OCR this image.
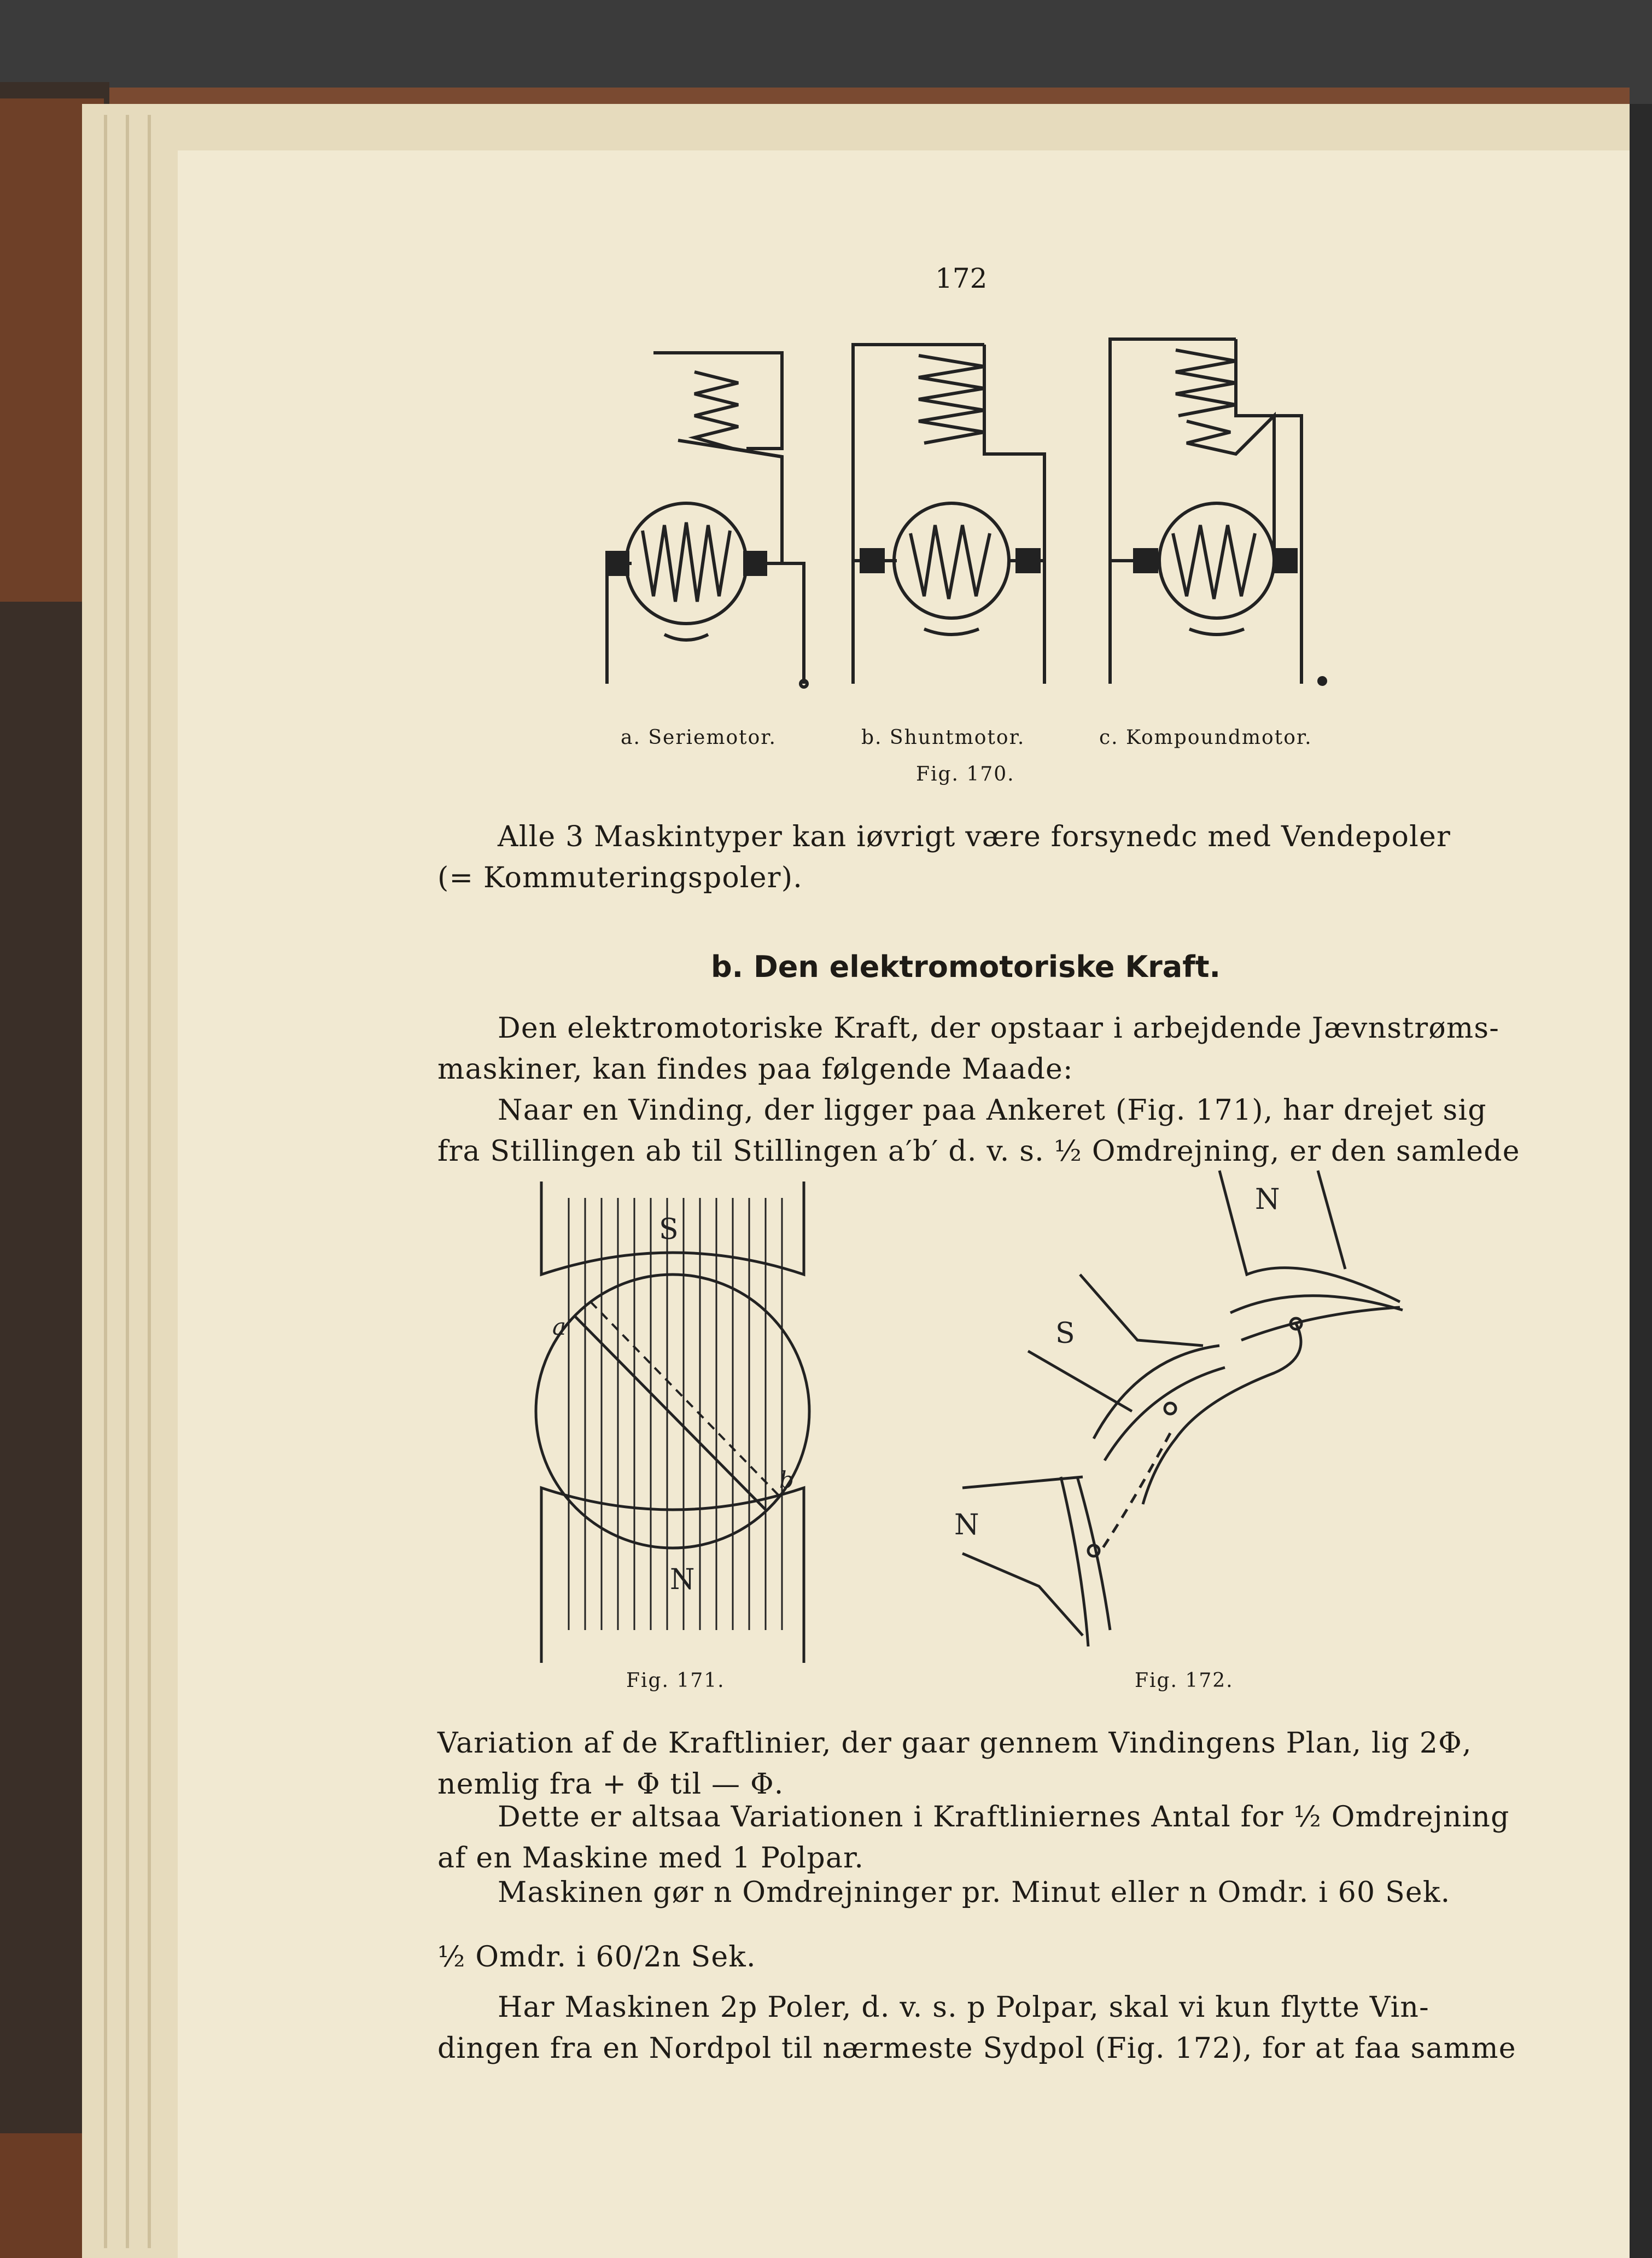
172
a. Seriemotor.	b. Shuntmotor.	c. Kompoundmotor.
Fig. 170.
Alle 3 Maskintyper kan iøvrigt være forsynedc med Vendepoler
(= Kommuteringspoler).
b. Den elektromotoriske Kraft.
Den elektromotoriske Kraft, der opstaar i arbejdende Jævnstrøms-
maskiner, kan findes paa følgende Maade:
Naar en Vinding, der ligger paa Ankeret (Fig. 171), har drejet sig
fra Stillingen ab til Stillingen a′b′ d. v. s. ½ Omdrejning, er den samlede
S
N
a
b
Fig. 171.
N
S
N
Fig. 172.
Variation af de Kraftlinier, der gaar gennem Vindingens Plan, lig 2Φ,
nemlig fra + Φ til — Φ.
Dette er altsaa Variationen i Kraftliniernes Antal for ½ Omdrejning
af en Maskine med 1 Polpar.
Maskinen gør n Omdrejninger pr. Minut eller n Omdr. i 60 Sek.
½ Omdr. i 60/2n Sek.
Har Maskinen 2p Poler, d. v. s. p Polpar, skal vi kun flytte Vin-
dingen fra en Nordpol til nærmeste Sydpol (Fig. 172), for at faa samme
